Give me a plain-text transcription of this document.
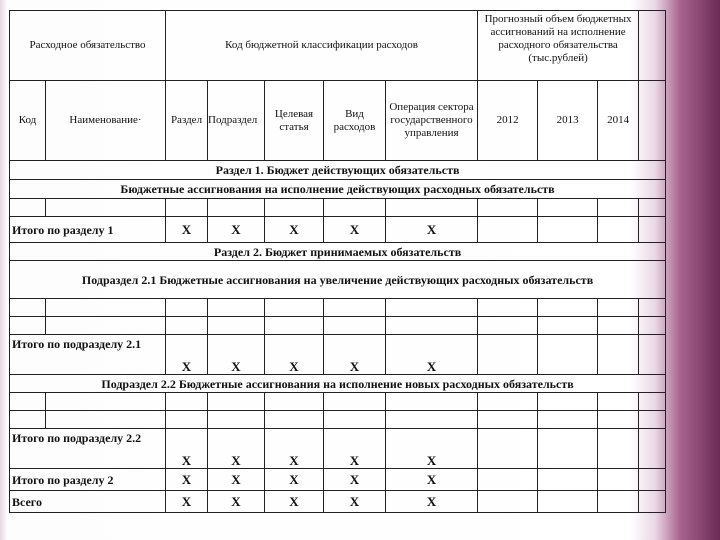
Расходное обязательство		Код бюджетной классификации расходов					Прогнозный объем бюджетных ассигнований на исполнение расходного обязательства (тыс.рублей)			
Код	Наименование·	Раздел	Подраздел	Целевая статья	Вид расходов	Операция сектора государственного управления	2012	2013	2014	
Раздел 1. Бюджет действующих обязательств										
Бюджетные ассигнования на исполнение действующих расходных обязательств										

Итого по разделу 1		Х	Х	Х	Х	Х				
Раздел 2. Бюджет принимаемых обязательств										
Подраздел 2.1 Бюджетные ассигнования на увеличение действующих расходных обязательств										

Итого по подразделу 2.1		Х	Х	Х	Х	Х				
Подраздел 2.2 Бюджетные ассигнования на исполнение новых расходных обязательств										

Итого по подразделу 2.2		Х	Х	Х	Х	Х				
Итого по разделу 2		Х	Х	Х	Х	Х				
Всего		Х	Х	Х	Х	Х				
